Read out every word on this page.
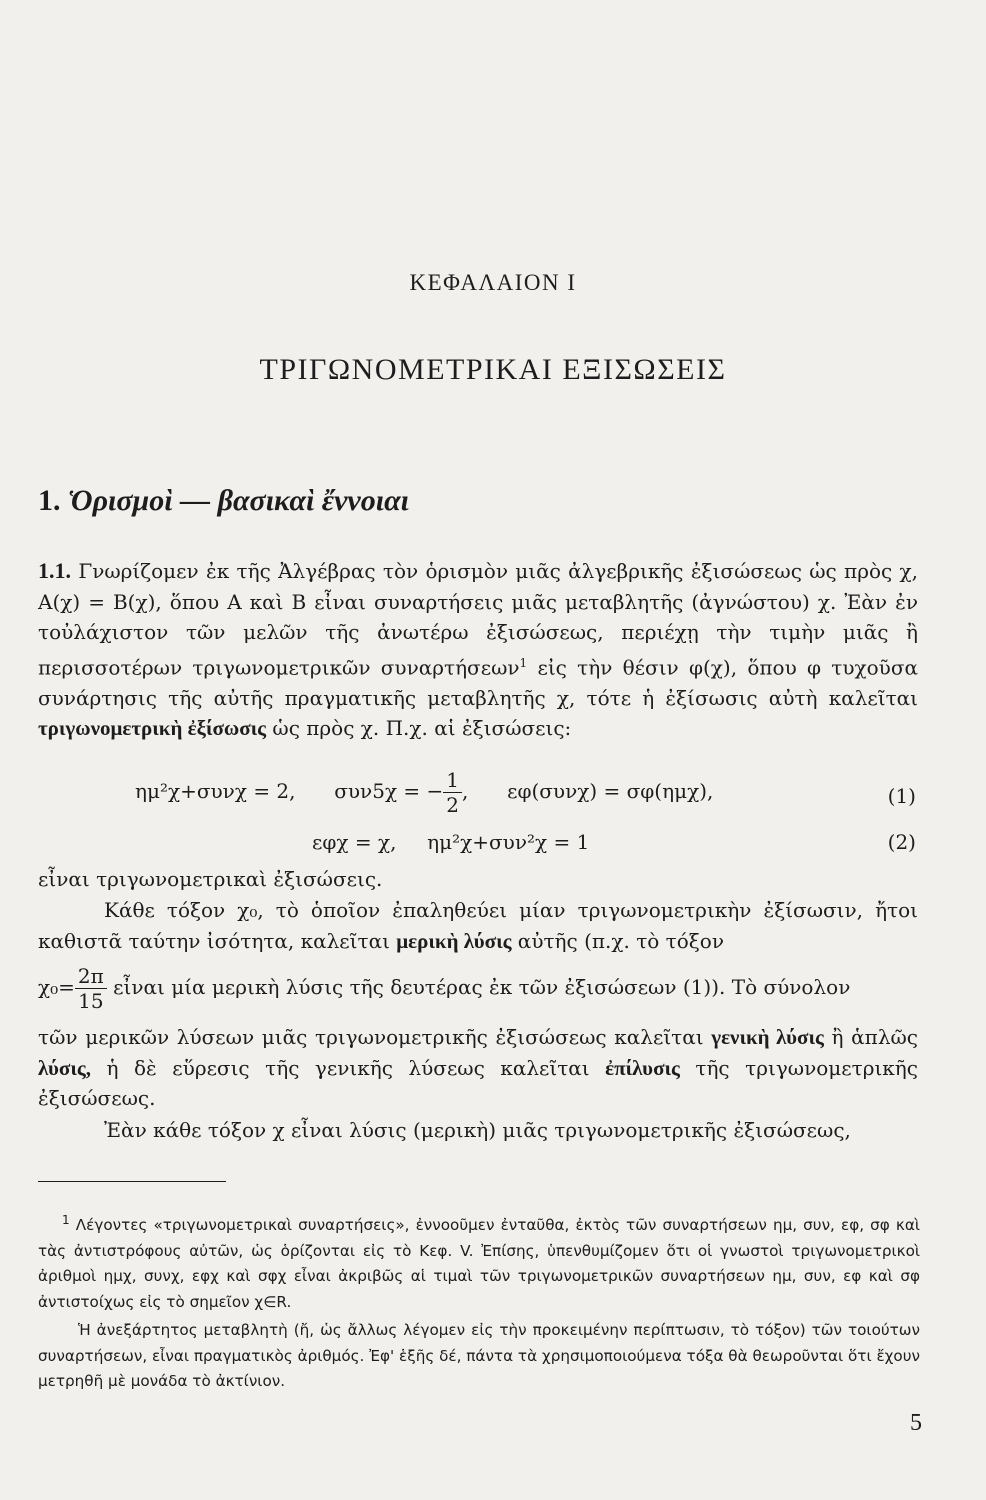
ΚΕΦΑΛΑΙΟΝ I
ΤΡΙΓΩΝΟΜΕΤΡΙΚΑΙ ΕΞΙΣΩΣΕΙΣ
1. Ὁρισμοὶ — βασικαὶ ἔννοιαι

1.1. Γνωρίζομεν ἐκ τῆς Ἀλγέβρας τὸν ὁρισμὸν μιᾶς ἀλγεβρικῆς ἐξισώσεως ὡς πρὸς χ, Α(χ) = Β(χ), ὅπου Α καὶ Β εἶναι συναρτήσεις μιᾶς μεταβλητῆς (ἀγνώστου) χ. Ἐὰν ἐν τοὐλάχιστον τῶν μελῶν τῆς ἀνωτέρω ἐξισώσεως, περιέχῃ τὴν τιμὴν μιᾶς ἢ περισσοτέρων τριγωνομετρικῶν συναρτήσεων$^1$ εἰς τὴν θέσιν φ(χ), ὅπου φ τυχοῦσα συνάρτησις τῆς αὐτῆς πραγματικῆς μεταβλητῆς χ, τότε ἡ ἐξίσωσις αὐτὴ καλεῖται τριγωνομετρικὴ ἐξίσωσις ὡς πρὸς χ. Π.χ. αἱ ἐξισώσεις:

ημ²χ+συνχ = 2, συν5χ = − $\frac{1}{2}$ , εφ(συνχ) = σφ(ημχ),	(1)
εφχ = χ, ημ²χ+συν²χ = 1	(2)
εἶναι τριγωνομετρικαὶ ἐξισώσεις.

Κάθε τόξον χ₀, τὸ ὁποῖον ἐπαληθεύει μίαν τριγωνομετρικὴν ἐξίσωσιν, ἤτοι καθιστᾶ ταύτην ἰσότητα, καλεῖται μερικὴ λύσις αὐτῆς (π.χ. τὸ τόξον

$\chi_0= \frac{2\pi}{15}$ εἶναι μία μερικὴ λύσις τῆς δευτέρας ἐκ τῶν ἐξισώσεων (1)). Τὸ σύνολον

τῶν μερικῶν λύσεων μιᾶς τριγωνομετρικῆς ἐξισώσεως καλεῖται γενικὴ λύσις ἢ ἁπλῶς λύσις, ἡ δὲ εὕρεσις τῆς γενικῆς λύσεως καλεῖται ἐπίλυσις τῆς τριγωνομετρικῆς ἐξισώσεως.

Ἐὰν κάθε τόξον χ εἶναι λύσις (μερικὴ) μιᾶς τριγωνομετρικῆς ἐξισώσεως,

$^1$ Λέγοντες «τριγωνομετρικαὶ συναρτήσεις», ἐννοοῦμεν ἐνταῦθα, ἐκτὸς τῶν συναρτήσεων ημ, συν, εφ, σφ καὶ τὰς ἀντιστρόφους αὐτῶν, ὡς ὁρίζονται εἰς τὸ Κεφ. V. Ἐπίσης, ὑπενθυμίζομεν ὅτι οἱ γνωστοὶ τριγωνομετρικοὶ ἀριθμοὶ ημχ, συνχ, εφχ καὶ σφχ εἶναι ἀκριβῶς αἱ τιμαὶ τῶν τριγωνομετρικῶν συναρτήσεων ημ, συν, εφ καὶ σφ ἀντιστοίχως εἰς τὸ σημεῖον χ∈R.

Ἡ ἀνεξάρτητος μεταβλητὴ (ἤ, ὡς ἄλλως λέγομεν εἰς τὴν προκειμένην περίπτωσιν, τὸ τόξον) τῶν τοιούτων συναρτήσεων, εἶναι πραγματικὸς ἀριθμός. Ἐφ' ἑξῆς δέ, πάντα τὰ χρησιμοποιούμενα τόξα θὰ θεωροῦνται ὅτι ἔχουν μετρηθῆ μὲ μονάδα τὸ ἀκτίνιον.

5
